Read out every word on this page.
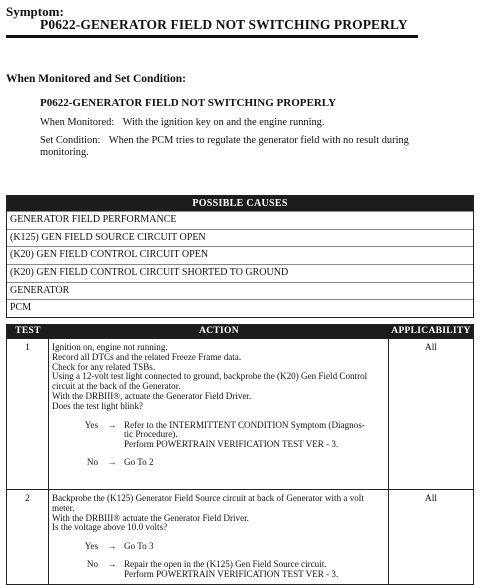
Symptom:
P0622-GENERATOR FIELD NOT SWITCHING PROPERLY
When Monitored and Set Condition:
P0622-GENERATOR FIELD NOT SWITCHING PROPERLY
When Monitored: With the ignition key on and the engine running.
Set Condition: When the PCM tries to regulate the generator field with no result during
monitoring.
POSSIBLE CAUSES
GENERATOR FIELD PERFORMANCE
(K125) GEN FIELD SOURCE CIRCUIT OPEN
(K20) GEN FIELD CONTROL CIRCUIT OPEN
(K20) GEN FIELD CONTROL CIRCUIT SHORTED TO GROUND
GENERATOR
PCM
TEST	ACTION	APPLICABILITY
1	Ignition on, engine not running.
Record all DTCs and the related Freeze Frame data.
Check for any related TSBs.
Using a 12-volt test light connected to ground, backprobe the (K20) Gen Field Control
circuit at the back of the Generator.
With the DRBIII®, actuate the Generator Field Driver.
Does the test light blink?
Yes	→ Refer to the INTERMITTENT CONDITION Symptom (Diagnos-
tic Procedure).
Perform POWERTRAIN VERIFICATION TEST VER - 3.
No	→ Go To 2
All
2	Backprobe the (K125) Generator Field Source circuit at back of Generator with a volt
meter.
With the DRBIII® actuate the Generator Field Driver.
Is the voltage above 10.0 volts?
Yes	→ Go To 3
No	→ Repair the open in the (K125) Gen Field Source circuit.
Perform POWERTRAIN VERIFICATION TEST VER - 3.
All
